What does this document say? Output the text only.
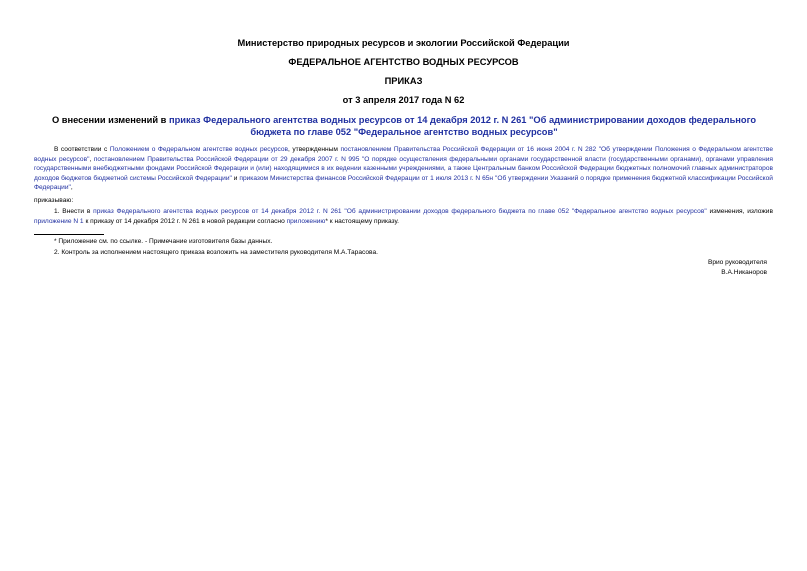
Министерство природных ресурсов и экологии Российской Федерации
ФЕДЕРАЛЬНОЕ АГЕНТСТВО ВОДНЫХ РЕСУРСОВ
ПРИКАЗ
от 3 апреля 2017 года N 62
О внесении изменений в приказ Федерального агентства водных ресурсов от 14 декабря 2012 г. N 261 "Об администрировании доходов федерального бюджета по главе 052 "Федеральное агентство водных ресурсов"
В соответствии с Положением о Федеральном агентстве водных ресурсов, утвержденным постановлением Правительства Российской Федерации от 16 июня 2004 г. N 282 "Об утверждении Положения о Федеральном агентстве водных ресурсов", постановлением Правительства Российской Федерации от 29 декабря 2007 г. N 995 "О порядке осуществления федеральными органами государственной власти (государственными органами), органами управления государственными внебюджетными фондами Российской Федерации и (или) находящимися в их ведении казенными учреждениями, а также Центральным банком Российской Федерации бюджетных полномочий главных администраторов доходов бюджетов бюджетной системы Российской Федерации" и приказом Министерства финансов Российской Федерации от 1 июля 2013 г. N 65н "Об утверждении Указаний о порядке применения бюджетной классификации Российской Федерации",
приказываю:
1. Внести в приказ Федерального агентства водных ресурсов от 14 декабря 2012 г. N 261 "Об администрировании доходов федерального бюджета по главе 052 "Федеральное агентство водных ресурсов" изменения, изложив приложение N 1 к приказу от 14 декабря 2012 г. N 261 в новой редакции согласно приложению* к настоящему приказу.
* Приложение см. по ссылке. - Примечание изготовителя базы данных.
2. Контроль за исполнением настоящего приказа возложить на заместителя руководителя М.А.Тарасова.
Врио руководителя
В.А.Никаноров
